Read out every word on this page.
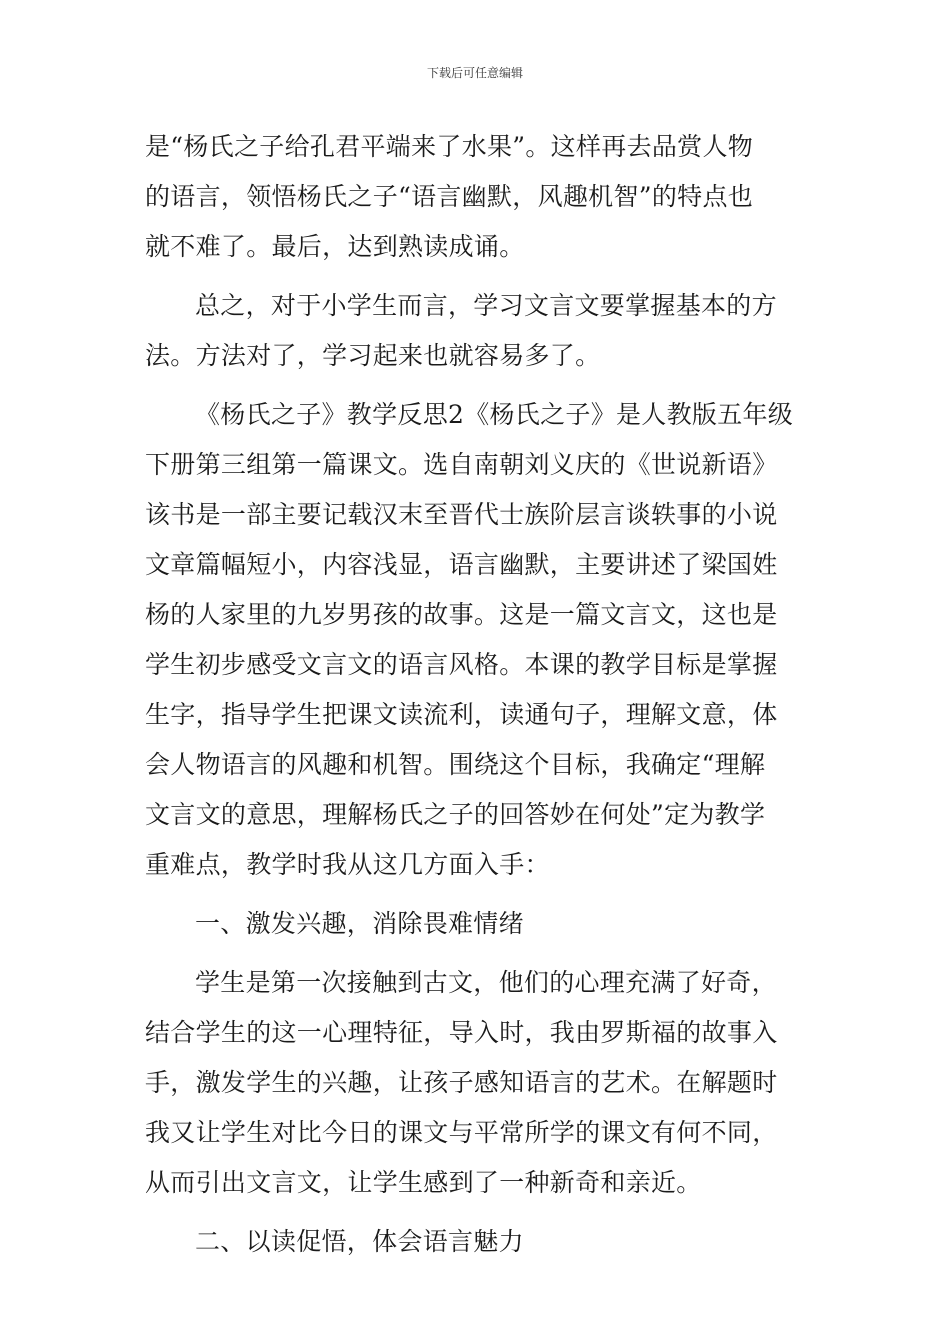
下载后可任意编辑
是“杨氏之子给孔君平端来了水果”。这样再去品赏人物
的语言，领悟杨氏之子“语言幽默，风趣机智”的特点也
就不难了。最后，达到熟读成诵。
总之，对于小学生而言，学习文言文要掌握基本的方
法。方法对了，学习起来也就容易多了。
《杨氏之子》教学反思2《杨氏之子》是人教版五年级
下册第三组第一篇课文。选自南朝刘义庆的《世说新语》
该书是一部主要记载汉末至晋代士族阶层言谈轶事的小说
文章篇幅短小，内容浅显，语言幽默，主要讲述了梁国姓
杨的人家里的九岁男孩的故事。这是一篇文言文，这也是
学生初步感受文言文的语言风格。本课的教学目标是掌握
生字，指导学生把课文读流利，读通句子，理解文意，体
会人物语言的风趣和机智。围绕这个目标，我确定“理解
文言文的意思，理解杨氏之子的回答妙在何处”定为教学
重难点，教学时我从这几方面入手：
一、激发兴趣，消除畏难情绪
学生是第一次接触到古文，他们的心理充满了好奇，
结合学生的这一心理特征，导入时，我由罗斯福的故事入
手，激发学生的兴趣，让孩子感知语言的艺术。在解题时
我又让学生对比今日的课文与平常所学的课文有何不同，
从而引出文言文，让学生感到了一种新奇和亲近。
二、以读促悟，体会语言魅力
